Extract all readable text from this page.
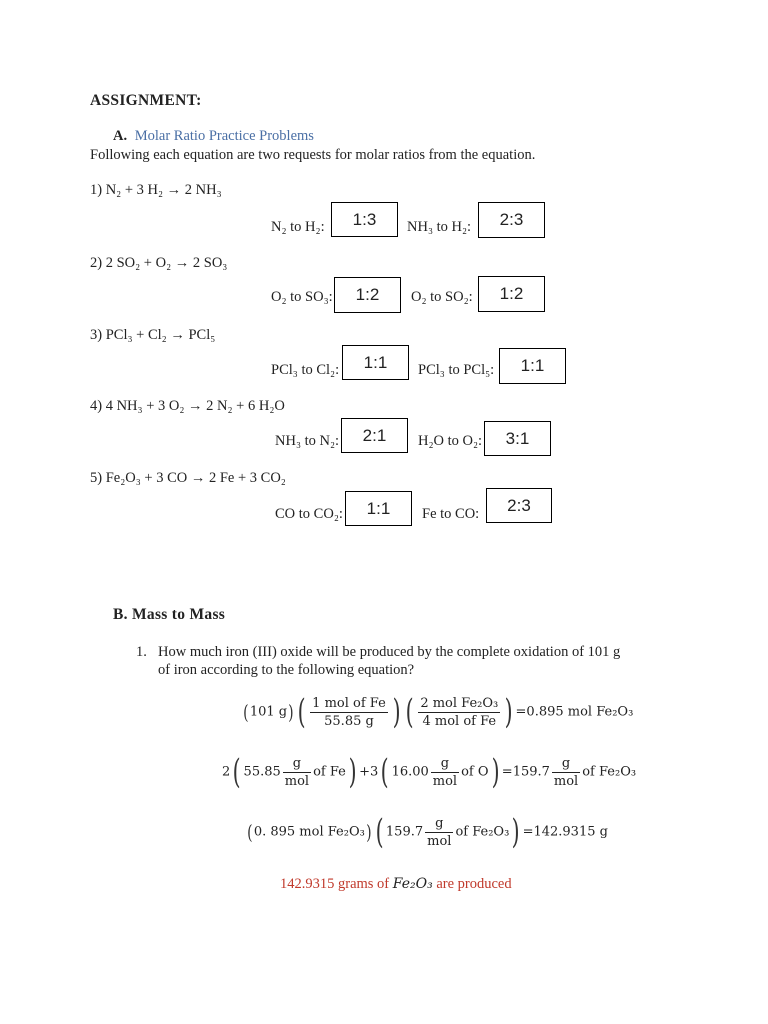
ASSIGNMENT:
A. Molar Ratio Practice Problems
Following each equation are two requests for molar ratios from the equation.
1) N₂ + 3 H₂ → 2 NH₃
N₂ to H₂:	1:3	NH₃ to H₂:	2:3
2) 2 SO₂ + O₂ → 2 SO₃
O₂ to SO₃:	1:2	O₂ to SO₂:	1:2
3) PCl₃ + Cl₂ → PCl₅
PCl₃ to Cl₂:	1:1	PCl₃ to PCl₅:	1:1
4) 4 NH₃ + 3 O₂ → 2 N₂ + 6 H₂O
NH₃ to N₂:	2:1	H₂O to O₂:	3:1
5) Fe₂O₃ + 3 CO → 2 Fe + 3 CO₂
CO to CO₂:	1:1	Fe to CO:	2:3
B. Mass to Mass
1. How much iron (III) oxide will be produced by the complete oxidation of 101 g
of iron according to the following equation?
(101 g) ( $\frac{\text{1 mol of Fe}}{55.85 g}$ ) ( $\frac{\text{2 mol Fe₂O₃}}{\text{4 mol of Fe}}$ ) =0.895 mol Fe₂O₃
2( $55.85 \frac{g}{\text{mol}}$ of Fe) +3( $16.00 \frac{g}{\text{mol}}$ of $O) =159.7 \frac{g}{\text{mol}}$ of Fe₂O₃
(0. 895 mol Fe₂O₃) ( $159.7 \frac{g}{\text{mol}}$ of Fe₂O₃) =142.9315 g
142.9315 grams of Fe₂O₃ are produced
